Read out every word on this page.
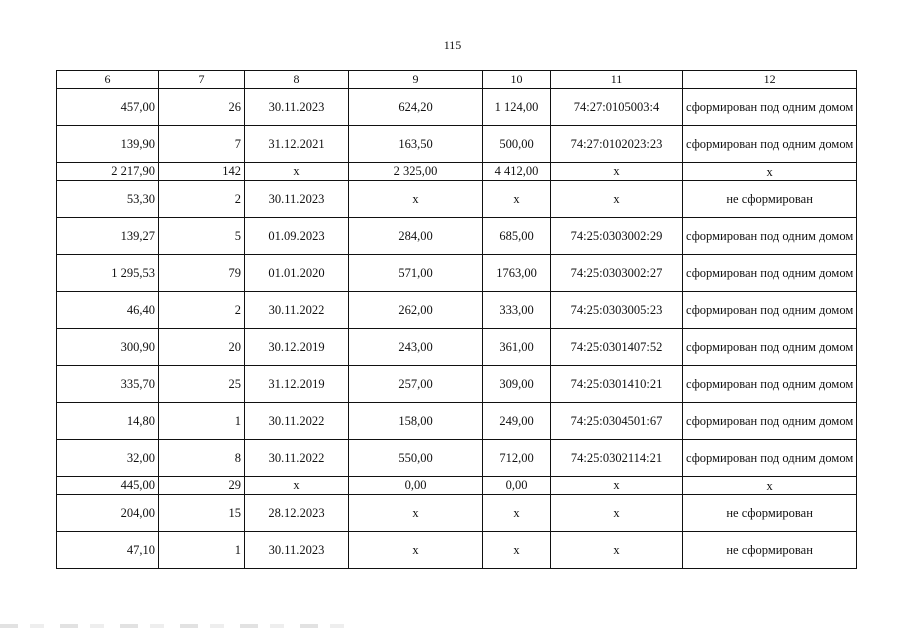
115
6	7	8	9	10	11	12
457,00	26	30.11.2023	624,20	1 124,00	74:27:0105003:4	сформирован под одним домом
139,90	7	31.12.2021	163,50	500,00	74:27:0102023:23	сформирован под одним домом
2 217,90	142	х	2 325,00	4 412,00	х	х
53,30	2	30.11.2023	х	х	х	не сформирован
139,27	5	01.09.2023	284,00	685,00	74:25:0303002:29	сформирован под одним домом
1 295,53	79	01.01.2020	571,00	1763,00	74:25:0303002:27	сформирован под одним домом
46,40	2	30.11.2022	262,00	333,00	74:25:0303005:23	сформирован под одним домом
300,90	20	30.12.2019	243,00	361,00	74:25:0301407:52	сформирован под одним домом
335,70	25	31.12.2019	257,00	309,00	74:25:0301410:21	сформирован под одним домом
14,80	1	30.11.2022	158,00	249,00	74:25:0304501:67	сформирован под одним домом
32,00	8	30.11.2022	550,00	712,00	74:25:0302114:21	сформирован под одним домом
445,00	29	х	0,00	0,00	х	х
204,00	15	28.12.2023	х	х	х	не сформирован
47,10	1	30.11.2023	х	х	х	не сформирован
